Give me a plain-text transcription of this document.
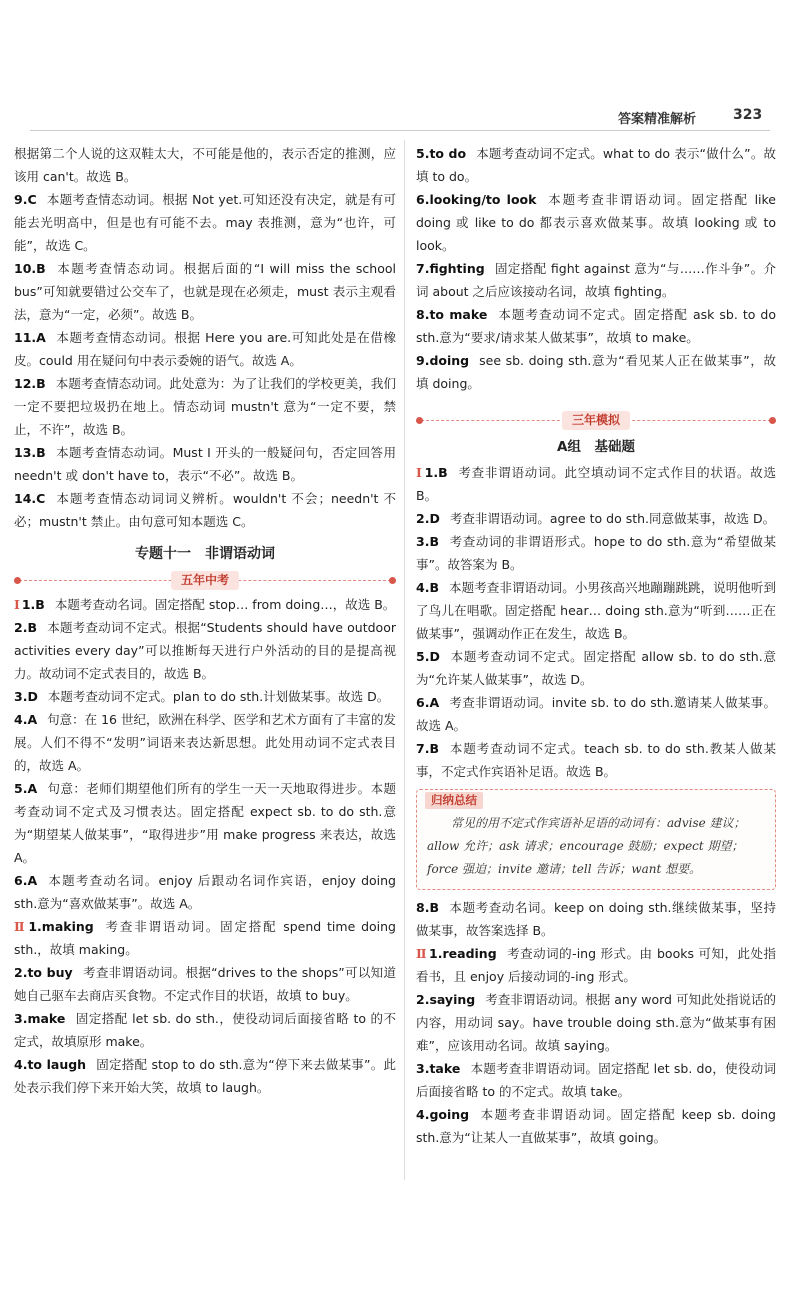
答案精准解析	323

根据第二个人说的这双鞋太大，不可能是他的，表示否定的推测，应该用 can't。故选 B。

9.C 本题考查情态动词。根据 Not yet.可知还没有决定，就是有可能去光明高中，但是也有可能不去。may 表推测，意为“也许，可能”，故选 C。

10.B 本题考查情态动词。根据后面的“I will miss the school bus”可知就要错过公交车了，也就是现在必须走，must 表示主观看法，意为“一定，必须”。故选 B。

11.A 本题考查情态动词。根据 Here you are.可知此处是在借橡皮。could 用在疑问句中表示委婉的语气。故选 A。

12.B 本题考查情态动词。此处意为：为了让我们的学校更美，我们一定不要把垃圾扔在地上。情态动词 mustn't 意为“一定不要，禁止，不许”，故选 B。

13.B 本题考查情态动词。Must I 开头的一般疑问句，否定回答用 needn't 或 don't have to，表示“不必”。故选 B。

14.C 本题考查情态动词词义辨析。wouldn't 不会；needn't 不必；mustn't 禁止。由句意可知本题选 C。

专题十一　非谓语动词
五年中考

Ⅰ 1.B 本题考查动名词。固定搭配 stop… from doing…，故选 B。

2.B 本题考查动词不定式。根据“Students should have outdoor activities every day”可以推断每天进行户外活动的目的是提高视力。故动词不定式表目的，故选 B。

3.D 本题考查动词不定式。plan to do sth.计划做某事。故选 D。

4.A 句意：在 16 世纪，欧洲在科学、医学和艺术方面有了丰富的发展。人们不得不“发明”词语来表达新思想。此处用动词不定式表目的，故选 A。

5.A 句意：老师们期望他们所有的学生一天一天地取得进步。本题考查动词不定式及习惯表达。固定搭配 expect sb. to do sth.意为“期望某人做某事”，“取得进步”用 make progress 来表达，故选 A。

6.A 本题考查动名词。enjoy 后跟动名词作宾语，enjoy doing sth.意为“喜欢做某事”。故选 A。

Ⅱ 1.making 考查非谓语动词。固定搭配 spend time doing sth.，故填 making。

2.to buy 考查非谓语动词。根据“drives to the shops”可以知道她自己驱车去商店买食物。不定式作目的状语，故填 to buy。

3.make 固定搭配 let sb. do sth.，使役动词后面接省略 to 的不定式，故填原形 make。

4.to laugh 固定搭配 stop to do sth.意为“停下来去做某事”。此处表示我们停下来开始大笑，故填 to laugh。

5.to do 本题考查动词不定式。what to do 表示“做什么”。故填 to do。

6.looking/to look 本题考查非谓语动词。固定搭配 like doing 或 like to do 都表示喜欢做某事。故填 looking 或 to look。

7.fighting 固定搭配 fight against 意为“与……作斗争”。介词 about 之后应该接动名词，故填 fighting。

8.to make 本题考查动词不定式。固定搭配 ask sb. to do sth.意为“要求/请求某人做某事”，故填 to make。

9.doing see sb. doing sth.意为“看见某人正在做某事”，故填 doing。

三年模拟
A组　基础题

Ⅰ 1.B 考查非谓语动词。此空填动词不定式作目的状语。故选 B。

2.D 考查非谓语动词。agree to do sth.同意做某事，故选 D。

3.B 考查动词的非谓语形式。hope to do sth.意为“希望做某事”。故答案为 B。

4.B 本题考查非谓语动词。小男孩高兴地蹦蹦跳跳，说明他听到了鸟儿在唱歌。固定搭配 hear… doing sth.意为“听到……正在做某事”，强调动作正在发生，故选 B。

5.D 本题考查动词不定式。固定搭配 allow sb. to do sth.意为“允许某人做某事”，故选 D。

6.A 考查非谓语动词。invite sb. to do sth.邀请某人做某事。故选 A。

7.B 本题考查动词不定式。teach sb. to do sth.教某人做某事，不定式作宾语补足语。故选 B。

归纳总结
常见的用不定式作宾语补足语的动词有：advise 建议；allow 允许；ask 请求；encourage 鼓励；expect 期望；force 强迫；invite 邀请；tell 告诉；want 想要。

8.B 本题考查动名词。keep on doing sth.继续做某事，坚持做某事，故答案选择 B。

Ⅱ 1.reading 考查动词的-ing 形式。由 books 可知，此处指看书，且 enjoy 后接动词的-ing 形式。

2.saying 考查非谓语动词。根据 any word 可知此处指说话的内容，用动词 say。have trouble doing sth.意为“做某事有困难”，应该用动名词。故填 saying。

3.take 本题考查非谓语动词。固定搭配 let sb. do，使役动词后面接省略 to 的不定式。故填 take。

4.going 本题考查非谓语动词。固定搭配 keep sb. doing sth.意为“让某人一直做某事”，故填 going。
